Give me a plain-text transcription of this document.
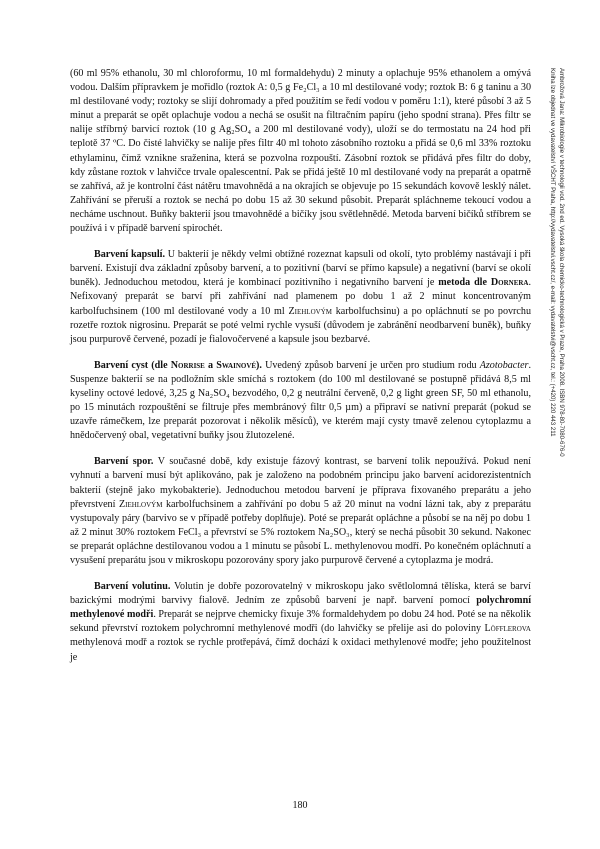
Ambrožová Jana: Mikrobiologie v technologii vod. 2nd ed. Vysoká škola chemicko-technologická v Praze, Praha 2008. ISBN 978-80-7080-676-0
Kniha lze objednat ve vydavatelství VŠCHT Praha, http://vydavatelstvi.vscht.cz/, e-mail: vydavatelstvi@vscht.cz, tel.: (+420) 220 443 211

(60 ml 95% ethanolu, 30 ml chloroformu, 10 ml formaldehydu) 2 minuty a oplachuje 95% ethanolem a omývá vodou. Dalším přípravkem je mořidlo (roztok A: 0,5 g Fe₂Cl₃ a 10 ml destilované vody; roztok B: 6 g taninu a 30 ml destilované vody; roztoky se slijí dohromady a před použitím se ředí vodou v poměru 1:1), které působí 3 až 5 minut a preparát se opět oplachuje vodou a nechá se osušit na filtračním papíru (jeho spodní strana). Přes filtr se nalije stříbrný barvicí roztok (10 g Ag₂SO₄ a 200 ml destilované vody), uloží se do termostatu na 24 hod při teplotě 37 ºC. Do čisté lahvičky se nalije přes filtr 40 ml tohoto zásobního roztoku a přidá se 0,6 ml 33% roztoku ethylaminu, čímž vznikne sraženina, která se pozvolna rozpouští. Zásobní roztok se přidává přes filtr do doby, kdy zůstane roztok v lahvičce trvale opalescentní. Pak se přidá ještě 10 ml destilované vody na preparát a opatrně se zahřívá, až je kontrolní část nátěru tmavohnědá a na okrajích se objevuje po 15 sekundách kovově lesklý nálet. Zahřívání se přeruší a roztok se nechá po dobu 15 až 30 sekund působit. Preparát spláchneme tekoucí vodou a necháme uschnout. Buňky bakterií jsou tmavohnědé a bičíky jsou světlehnědé. Metoda barvení bičíků stříbrem se používá i v případě barvení spirochét.

Barvení kapsulí. U bakterií je někdy velmi obtížné rozeznat kapsuli od okolí, tyto problémy nastávají i při barvení. Existují dva základní způsoby barvení, a to pozitivní (barví se přímo kapsule) a negativní (barví se okolí buněk). Jednoduchou metodou, která je kombinací pozitivního i negativního barvení je metoda dle Dornera. Nefixovaný preparát se barví při zahřívání nad plamenem po dobu 1 až 2 minut koncentrovaným karbolfuchsinem (100 ml destilované vody a 10 ml Ziehlovým karbolfuchsinu) a po opláchnutí se po povrchu rozetře roztok nigrosinu. Preparát se poté velmi rychle vysuší (důvodem je zabránění neodbarvení buněk), buňky jsou purpurově červené, pozadí je fialovočervené a kapsule jsou bezbarvé.

Barvení cyst (dle Norrise a Swainové). Uvedený způsob barvení je určen pro studium rodu Azotobacter. Suspenze bakterií se na podložním skle smíchá s roztokem (do 100 ml destilované se postupně přidává 8,5 ml kyseliny octové ledové, 3,25 g Na₂SO₄ bezvodého, 0,2 g neutrální červeně, 0,2 g light green SF, 50 ml ethanolu, po 15 minutách rozpouštění se filtruje přes membránový filtr 0,5 µm) a připraví se nativní preparát (pokud se uzavře rámečkem, lze preparát pozorovat i několik měsíců), ve kterém mají cysty tmavě zelenou cytoplazmu a hnědočervený obal, vegetativní buňky jsou žlutozelené.

Barvení spor. V současné době, kdy existuje fázový kontrast, se barvení tolik nepoužívá. Pokud není vyhnutí a barvení musí být aplikováno, pak je založeno na podobném principu jako barvení acidorezistentních bakterií (stejně jako mykobakterie). Jednoduchou metodou barvení je příprava fixovaného preparátu a jeho převrstvení Ziehlovým karbolfuchsinem a zahřívání po dobu 5 až 20 minut na vodní lázni tak, aby z preparátu vystupovaly páry (barvivo se v případě potřeby doplňuje). Poté se preparát opláchne a působí se na něj po dobu 1 až 2 minut 30% roztokem FeCl₃ a převrství se 5% roztokem Na₂SO₃, který se nechá působit 30 sekund. Nakonec se preparát opláchne destilovanou vodou a 1 minutu se působí L. methylenovou modří. Po konečném opláchnutí a vysušení preparátu jsou v mikroskopu pozorovány spory jako purpurově červené a cytoplazma je modrá.

Barvení volutinu. Volutin je dobře pozorovatelný v mikroskopu jako světlolomná tělíska, která se barví bazickými modrými barvivy fialově. Jedním ze způsobů barvení je např. barvení pomocí polychromní methylenové modři. Preparát se nejprve chemicky fixuje 3% formaldehydem po dobu 24 hod. Poté se na několik sekund převrství roztokem polychromní methylenové modři (do lahvičky se přelije asi do poloviny Löfflerova methylenová modř a roztok se rychle protřepává, čímž dochází k oxidaci methylenové modře; jeho použitelnost je

180
